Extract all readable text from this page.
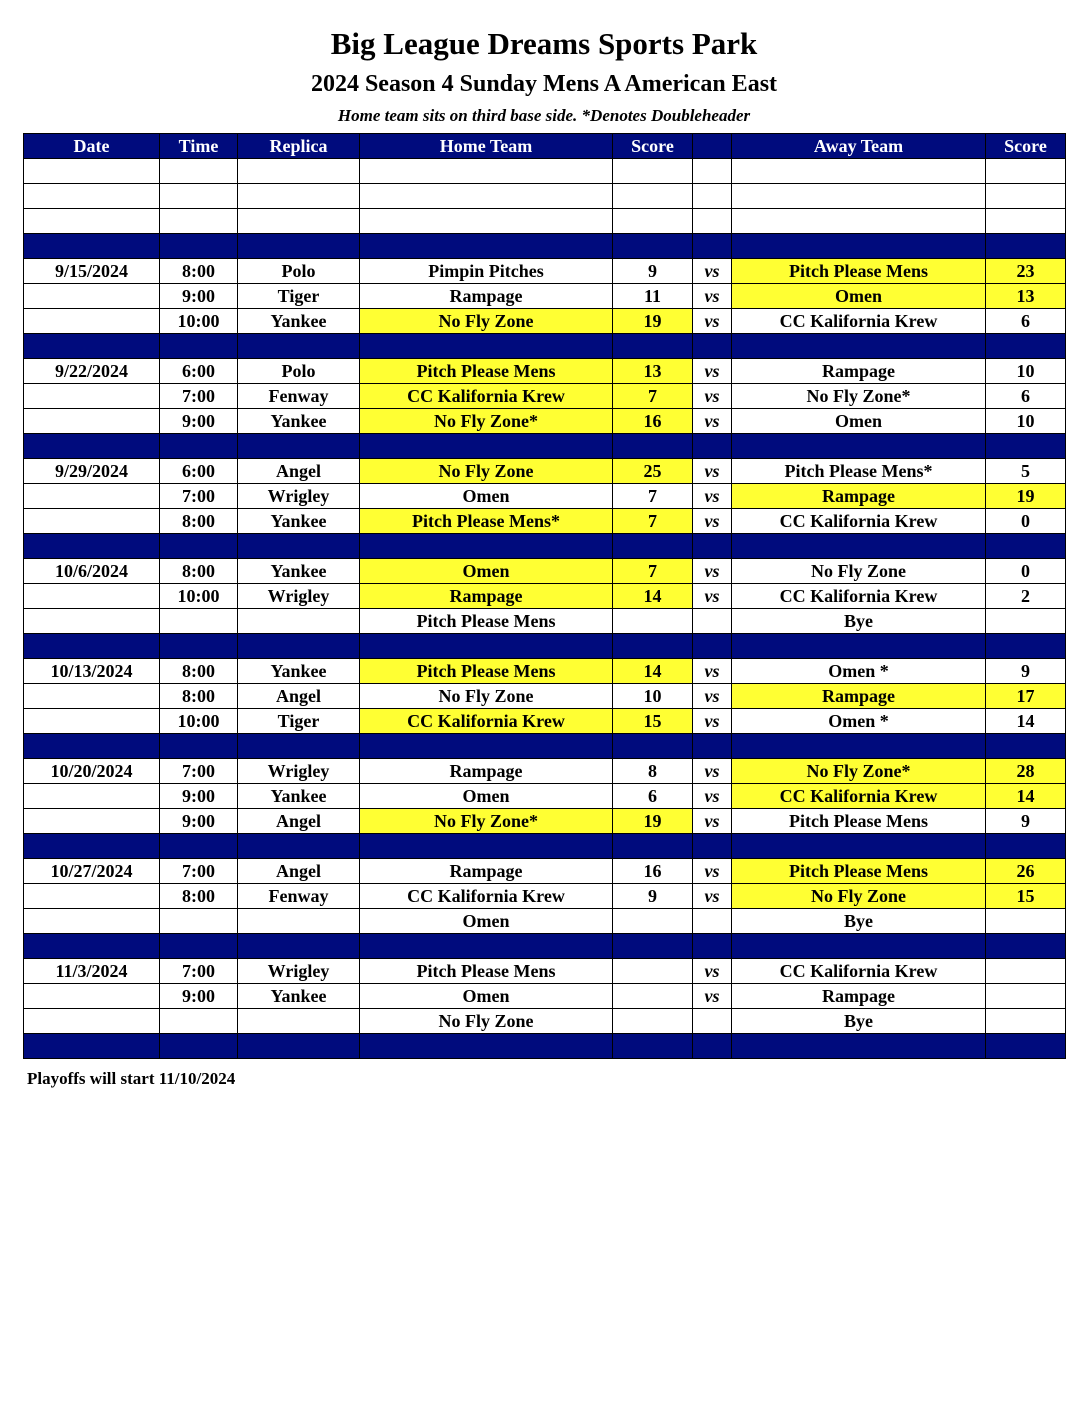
Big League Dreams Sports Park
2024 Season 4 Sunday Mens A American East
Home team sits on third base side. *Denotes Doubleheader
Date	Time	Replica	Home Team	Score		Away Team	Score

9/15/2024	8:00	Polo	Pimpin Pitches	9	vs	Pitch Please Mens	23
	9:00	Tiger	Rampage	11	vs	Omen	13
	10:00	Yankee	No Fly Zone	19	vs	CC Kalifornia Krew	6

9/22/2024	6:00	Polo	Pitch Please Mens	13	vs	Rampage	10
	7:00	Fenway	CC Kalifornia Krew	7	vs	No Fly Zone*	6
	9:00	Yankee	No Fly Zone*	16	vs	Omen	10

9/29/2024	6:00	Angel	No Fly Zone	25	vs	Pitch Please Mens*	5
	7:00	Wrigley	Omen	7	vs	Rampage	19
	8:00	Yankee	Pitch Please Mens*	7	vs	CC Kalifornia Krew	0

10/6/2024	8:00	Yankee	Omen	7	vs	No Fly Zone	0
	10:00	Wrigley	Rampage	14	vs	CC Kalifornia Krew	2
			Pitch Please Mens			Bye	

10/13/2024	8:00	Yankee	Pitch Please Mens	14	vs	Omen *	9
	8:00	Angel	No Fly Zone	10	vs	Rampage	17
	10:00	Tiger	CC Kalifornia Krew	15	vs	Omen *	14

10/20/2024	7:00	Wrigley	Rampage	8	vs	No Fly Zone*	28
	9:00	Yankee	Omen	6	vs	CC Kalifornia Krew	14
	9:00	Angel	No Fly Zone*	19	vs	Pitch Please Mens	9

10/27/2024	7:00	Angel	Rampage	16	vs	Pitch Please Mens	26
	8:00	Fenway	CC Kalifornia Krew	9	vs	No Fly Zone	15
			Omen			Bye	

11/3/2024	7:00	Wrigley	Pitch Please Mens		vs	CC Kalifornia Krew	
	9:00	Yankee	Omen		vs	Rampage	
			No Fly Zone			Bye	

Playoffs will start 11/10/2024
